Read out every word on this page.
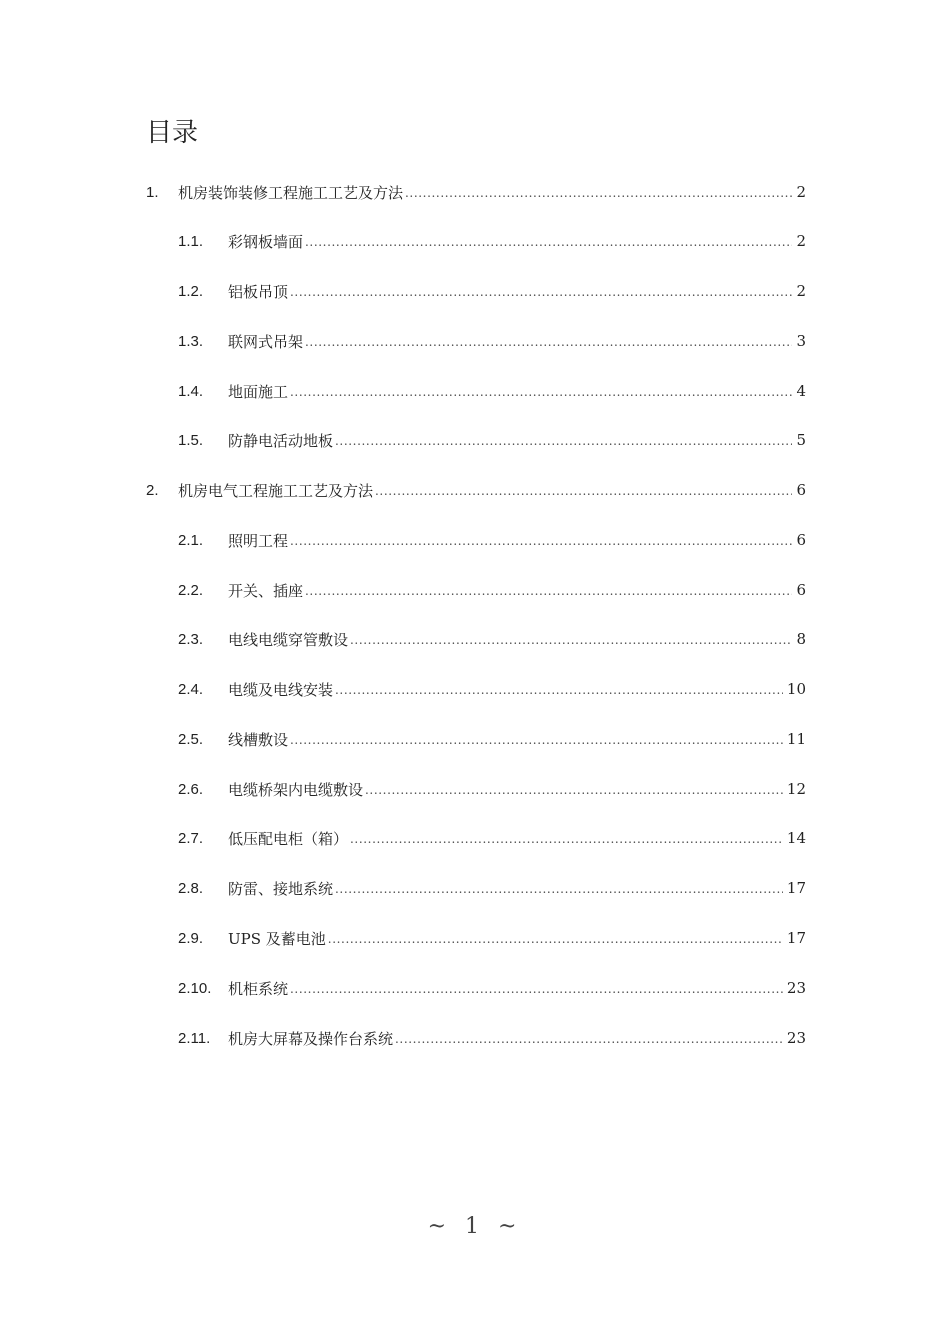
目录
1.	机房装饰装修工程施工工艺及方法 .....	2
1.1.	彩钢板墙面 .....	2
1.2.	铝板吊顶 .....	2
1.3.	联网式吊架 .....	3
1.4.	地面施工 .....	4
1.5.	防静电活动地板 .....	5
2.	机房电气工程施工工艺及方法 .....	6
2.1.	照明工程 .....	6
2.2.	开关、插座 .....	6
2.3.	电线电缆穿管敷设 .....	8
2.4.	电缆及电线安装 .....	10
2.5.	线槽敷设 .....	11
2.6.	电缆桥架内电缆敷设 .....	12
2.7.	低压配电柜（箱） .....	14
2.8.	防雷、接地系统 .....	17
2.9.	UPS 及蓄电池 .....	17
2.10.	机柜系统 .....	23
2.11.	机房大屏幕及操作台系统 .....	23
~ 1 ~
